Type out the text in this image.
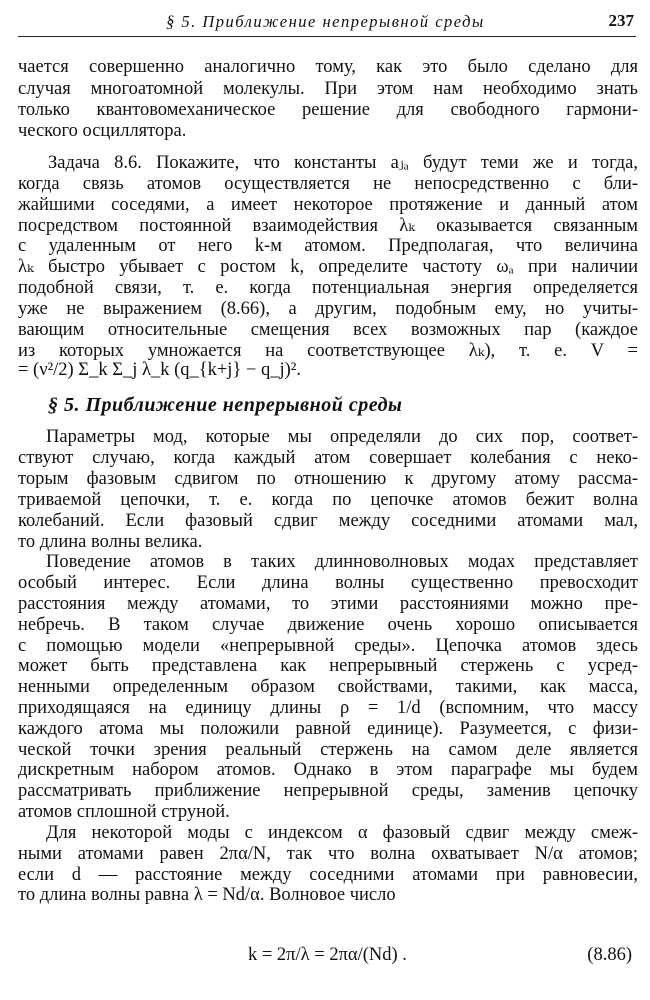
§ 5. Приближение непрерывной среды	237
чается совершенно аналогично тому, как это было сделано для
случая многоатомной молекулы. При этом нам необходимо знать
только квантовомеханическое решение для свободного гармони-
ческого осциллятора.
Задача 8.6. Покажите, что константы aⱼₐ будут теми же и тогда,
когда связь атомов осуществляется не непосредственно с бли-
жайшими соседями, а имеет некоторое протяжение и данный атом
посредством постоянной взаимодействия λₖ оказывается связанным
с удаленным от него k-м атомом. Предполагая, что величина
λₖ быстро убывает с ростом k, определите частоту ωₐ при наличии
подобной связи, т. е. когда потенциальная энергия определяется
уже не выражением (8.66), а другим, подобным ему, но учиты-
вающим относительные смещения всех возможных пар (каждое
из которых умножается на соответствующее λₖ), т. е. V =
= (ν²/2) Σ_k Σ_j λ_k (q_{k+j} − q_j)².
§ 5. Приближение непрерывной среды
Параметры мод, которые мы определяли до сих пор, соответ-
ствуют случаю, когда каждый атом совершает колебания с неко-
торым фазовым сдвигом по отношению к другому атому рассма-
триваемой цепочки, т. е. когда по цепочке атомов бежит волна
колебаний. Если фазовый сдвиг между соседними атомами мал,
то длина волны велика.
Поведение атомов в таких длинноволновых модах представляет
особый интерес. Если длина волны существенно превосходит
расстояния между атомами, то этими расстояниями можно пре-
небречь. В таком случае движение очень хорошо описывается
с помощью модели «непрерывной среды». Цепочка атомов здесь
может быть представлена как непрерывный стержень с усред-
ненными определенным образом свойствами, такими, как масса,
приходящаяся на единицу длины ρ = 1/d (вспомним, что массу
каждого атома мы положили равной единице). Разумеется, с физи-
ческой точки зрения реальный стержень на самом деле является
дискретным набором атомов. Однако в этом параграфе мы будем
рассматривать приближение непрерывной среды, заменив цепочку
атомов сплошной струной.
Для некоторой моды с индексом α фазовый сдвиг между смеж-
ными атомами равен 2πα/N, так что волна охватывает N/α атомов;
если d — расстояние между соседними атомами при равновесии,
то длина волны равна λ = Nd/α. Волновое число
k = 2π/λ = 2πα/(Nd) .	(8.86)
